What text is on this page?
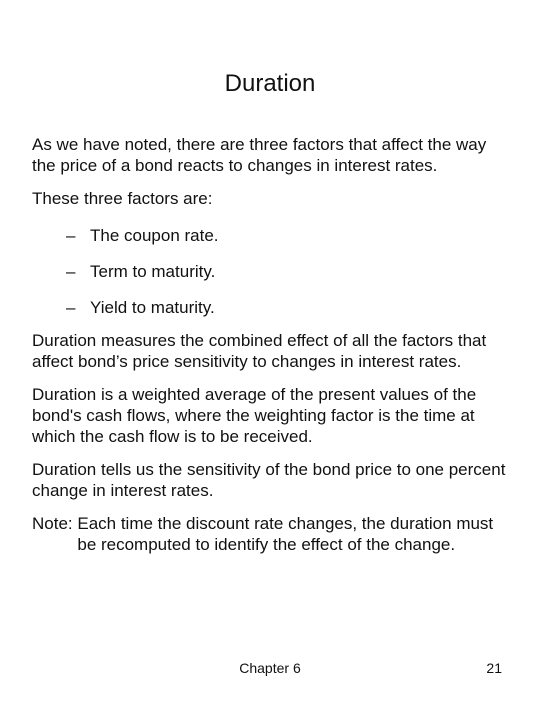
Duration

As we have noted, there are three factors that affect the way the price of a bond reacts to changes in interest rates.

These three factors are:

– The coupon rate.
– Term to maturity.
– Yield to maturity.

Duration measures the combined effect of all the factors that affect bond’s price sensitivity to changes in interest rates.

Duration is a weighted average of the present values of the bond's cash flows, where the weighting factor is the time at which the cash flow is to be received.

Duration tells us the sensitivity of the bond price to one percent change in interest rates.

Note: Each time the discount rate changes, the duration must be recomputed to identify the effect of the change.
Chapter 6	21
